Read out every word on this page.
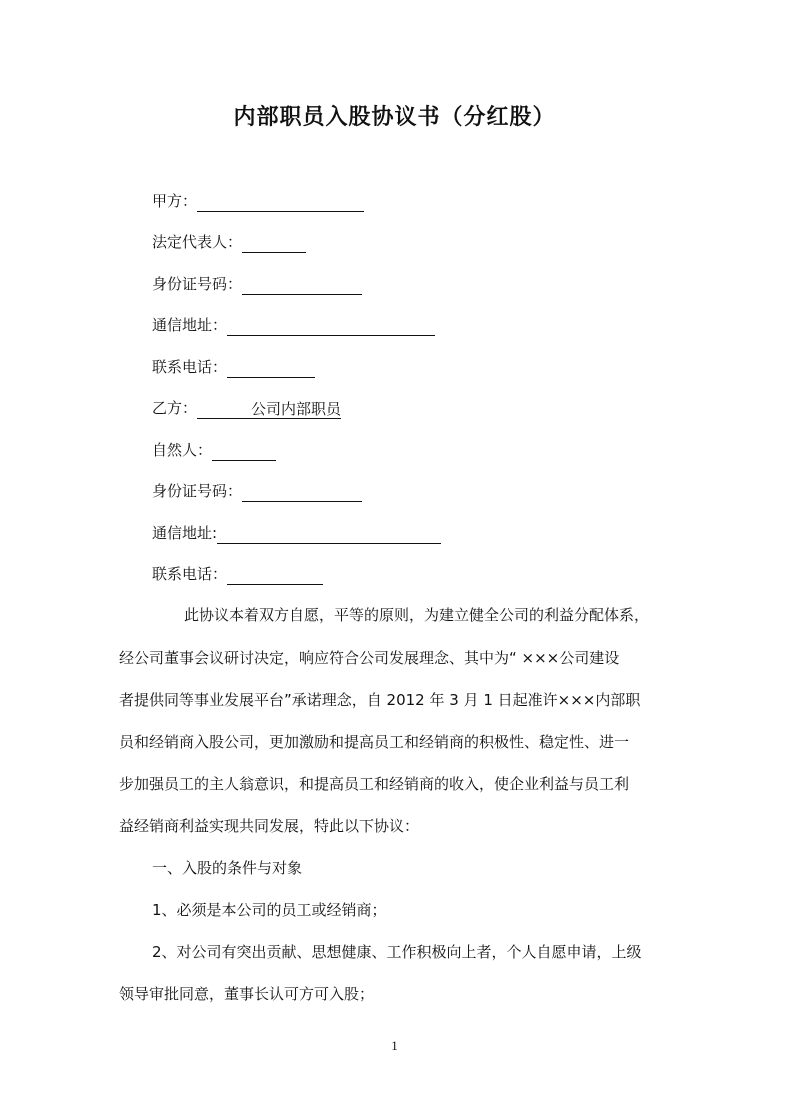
内部职员入股协议书（分红股）
甲方：
法定代表人：
身份证号码：
通信地址：
联系电话：
乙方：	公司内部职员
自然人：
身份证号码：
通信地址:
联系电话：
此协议本着双方自愿，平等的原则，为建立健全公司的利益分配体系，
经公司董事会议研讨决定，响应符合公司发展理念、其中为“ ×××公司建设
者提供同等事业发展平台”承诺理念，自 2012 年 3 月 1 日起准许×××内部职
员和经销商入股公司，更加激励和提高员工和经销商的积极性、稳定性、进一
步加强员工的主人翁意识，和提高员工和经销商的收入，使企业利益与员工利
益经销商利益实现共同发展，特此以下协议：
一、入股的条件与对象
1、必须是本公司的员工或经销商；
2、对公司有突出贡献、思想健康、工作积极向上者，个人自愿申请，上级
领导审批同意，董事长认可方可入股；
1
